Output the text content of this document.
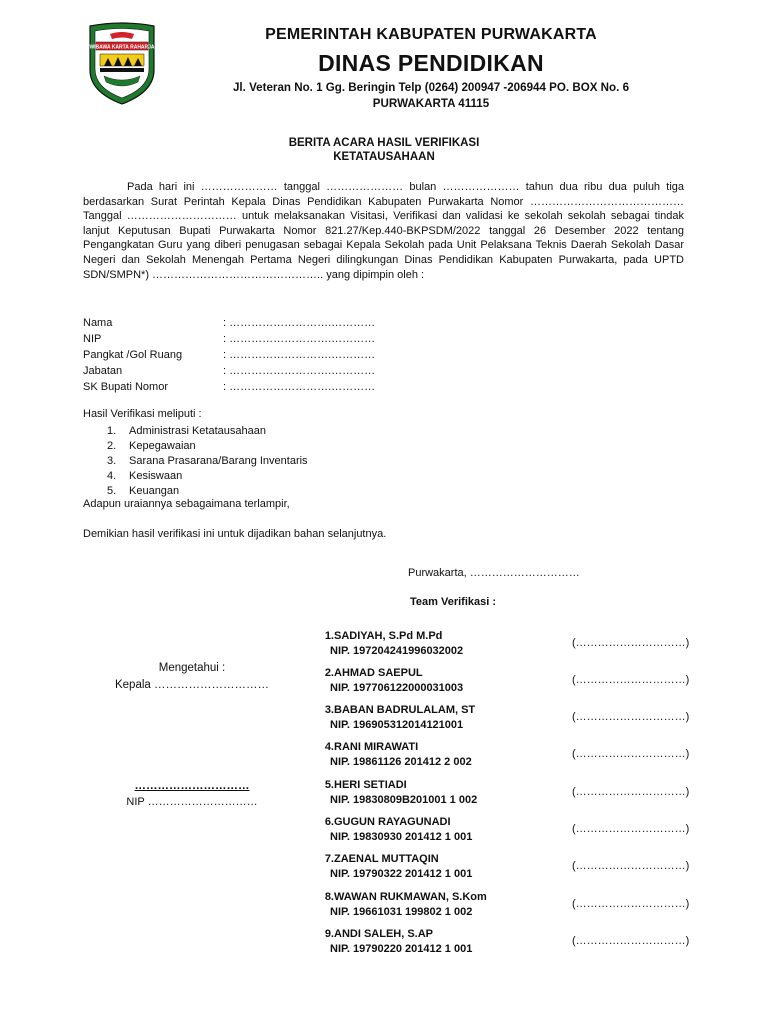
WIBAWA KARTA RAHARJA
PEMERINTAH KABUPATEN PURWAKARTA
DINAS PENDIDIKAN
Jl. Veteran No. 1 Gg. Beringin Telp (0264) 200947 -206944 PO. BOX No. 6
PURWAKARTA 41115
BERITA ACARA HASIL VERIFIKASI
KETATAUSAHAAN

Pada hari ini ………………… tanggal ………………… bulan ………………… tahun dua ribu dua puluh tiga berdasarkan Surat Perintah Kepala Dinas Pendidikan Kabupaten Purwakarta Nomor ……………………………………Tanggal ………………………… untuk melaksanakan Visitasi, Verifikasi dan validasi ke sekolah sekolah sebagai tindak lanjut Keputusan Bupati Purwakarta Nomor 821.27/Kep.440-BKPSDM/2022 tanggal 26 Desember 2022 tentang Pengangkatan Guru yang diberi penugasan sebagai Kepala Sekolah pada Unit Pelaksana Teknis Daerah Sekolah Dasar Negeri dan Sekolah Menengah Pertama Negeri dilingkungan Dinas Pendidikan Kabupaten Purwakarta, pada UPTD SDN/SMPN*) ……………………………………….. yang dipimpin oleh :

Nama	: ……………………….…………
NIP	: ……………………….…………
Pangkat /Gol Ruang	: ……………………….…………
Jabatan	: ……………………….…………
SK Bupati Nomor	: ……………………….…………
Hasil Verifikasi meliputi :
1. Administrasi Ketatausahaan
2. Kepegawaian
3. Sarana Prasarana/Barang Inventaris
4. Kesiswaan
5. Keuangan
Adapun uraiannya sebagaimana terlampir,
Demikian hasil verifikasi ini untuk dijadikan bahan selanjutnya.
Purwakarta, …………………………
Team Verifikasi :
Mengetahui :
Kepala …………………………
…………………………
NIP …………………………
1. SADIYAH, S.Pd M.Pd
NIP. 197204241996032002
(…………………………)
2. AHMAD SAEPUL
NIP. 197706122000031003
(…………………………)
3. BABAN BADRULALAM, ST
NIP. 196905312014121001
(…………………………)
4. RANI MIRAWATI
NIP. 19861126 201412 2 002
(…………………………)
5. HERI SETIADI
NIP. 19830809B201001 1 002
(…………………………)
6. GUGUN RAYAGUNADI
NIP. 19830930 201412 1 001
(…………………………)
7. ZAENAL MUTTAQIN
NIP. 19790322 201412 1 001
(…………………………)
8. WAWAN RUKMAWAN, S.Kom
NIP. 19661031 199802 1 002
(…………………………)
9. ANDI SALEH, S.AP
NIP. 19790220 201412 1 001
(…………………………)
